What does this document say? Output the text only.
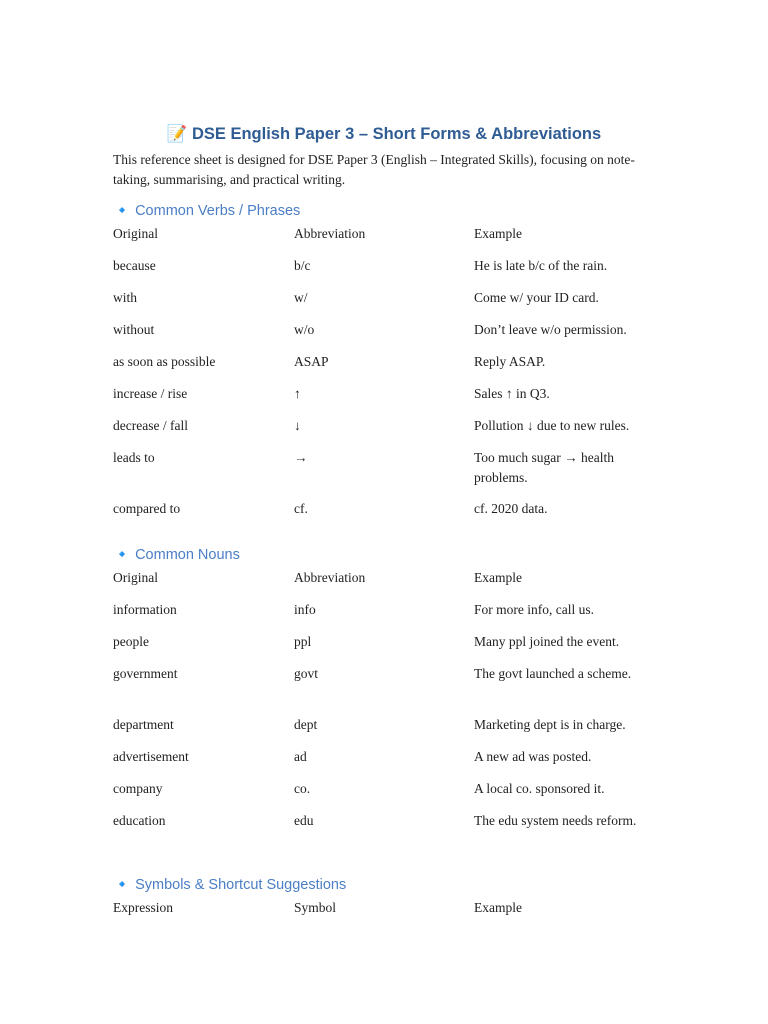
📝 DSE English Paper 3 – Short Forms & Abbreviations
This reference sheet is designed for DSE Paper 3 (English – Integrated Skills), focusing on note-taking, summarising, and practical writing.
🔹 Common Verbs / Phrases
Original	Abbreviation	Example
because	b/c	He is late b/c of the rain.
with	w/	Come w/ your ID card.
without	w/o	Don’t leave w/o permission.
as soon as possible	ASAP	Reply ASAP.
increase / rise	↑	Sales ↑ in Q3.
decrease / fall	↓	Pollution ↓ due to new rules.
leads to	→	Too much sugar → health problems.
compared to	cf.	cf. 2020 data.
🔹 Common Nouns
Original	Abbreviation	Example
information	info	For more info, call us.
people	ppl	Many ppl joined the event.
government	govt	The govt launched a scheme.
department	dept	Marketing dept is in charge.
advertisement	ad	A new ad was posted.
company	co.	A local co. sponsored it.
education	edu	The edu system needs reform.
🔹 Symbols & Shortcut Suggestions
Expression	Symbol	Example
